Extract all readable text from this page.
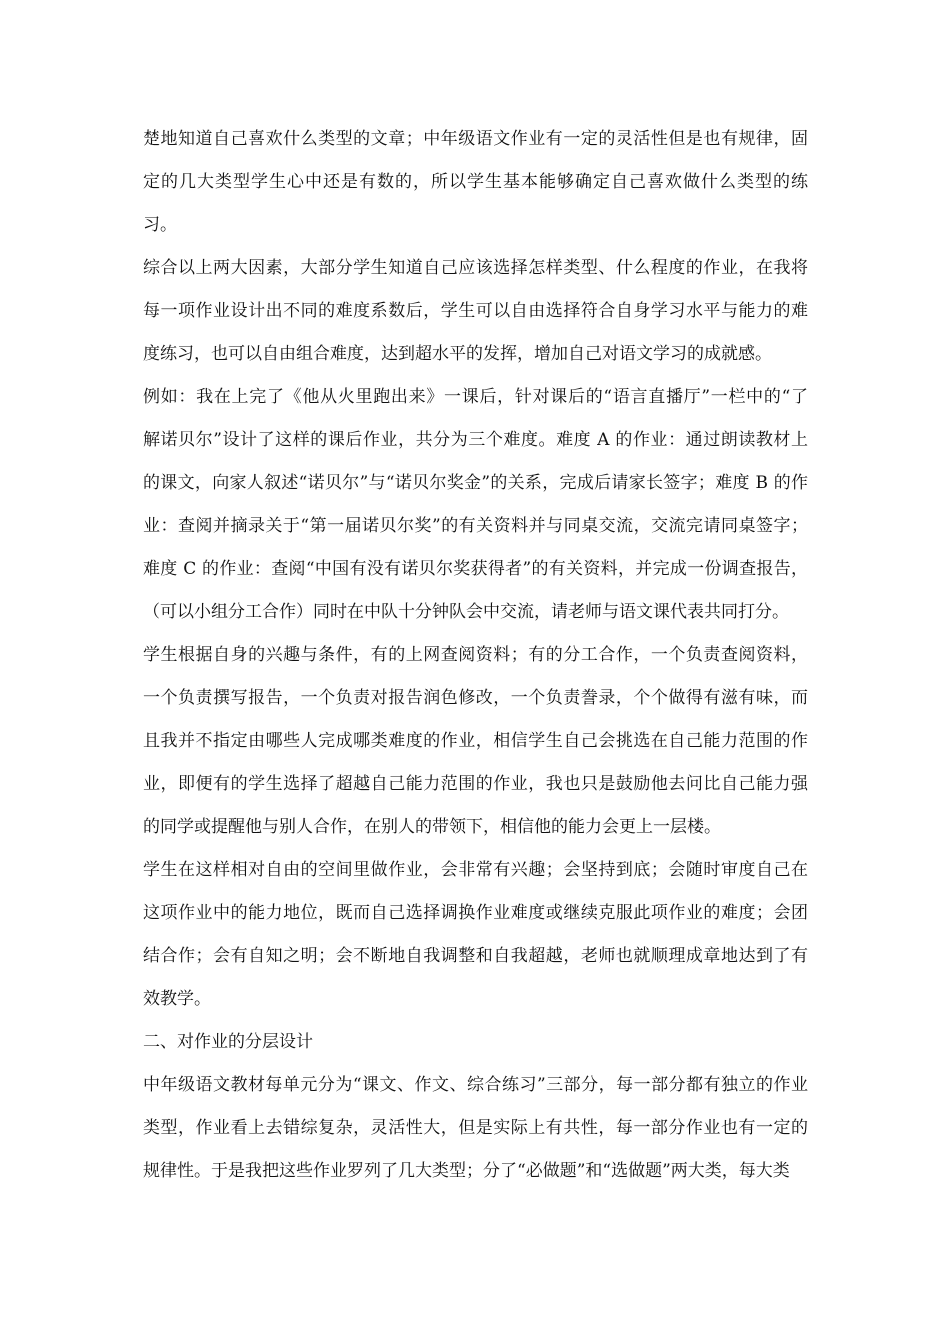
楚地知道自己喜欢什么类型的文章；中年级语文作业有一定的灵活性但是也有规律，固
定的几大类型学生心中还是有数的，所以学生基本能够确定自己喜欢做什么类型的练
习。
综合以上两大因素，大部分学生知道自己应该选择怎样类型、什么程度的作业，在我将
每一项作业设计出不同的难度系数后，学生可以自由选择符合自身学习水平与能力的难
度练习，也可以自由组合难度，达到超水平的发挥，增加自己对语文学习的成就感。
例如：我在上完了《他从火里跑出来》一课后，针对课后的“语言直播厅”一栏中的“了
解诺贝尔”设计了这样的课后作业，共分为三个难度。难度 A 的作业：通过朗读教材上
的课文，向家人叙述“诺贝尔”与“诺贝尔奖金”的关系，完成后请家长签字；难度 B 的作
业：查阅并摘录关于“第一届诺贝尔奖”的有关资料并与同桌交流，交流完请同桌签字；
难度 C 的作业：查阅“中国有没有诺贝尔奖获得者”的有关资料，并完成一份调查报告，
（可以小组分工合作）同时在中队十分钟队会中交流，请老师与语文课代表共同打分。
学生根据自身的兴趣与条件，有的上网查阅资料；有的分工合作，一个负责查阅资料，
一个负责撰写报告，一个负责对报告润色修改，一个负责誊录，个个做得有滋有味，而
且我并不指定由哪些人完成哪类难度的作业，相信学生自己会挑选在自己能力范围的作
业，即便有的学生选择了超越自己能力范围的作业，我也只是鼓励他去问比自己能力强
的同学或提醒他与别人合作，在别人的带领下，相信他的能力会更上一层楼。
学生在这样相对自由的空间里做作业，会非常有兴趣；会坚持到底；会随时审度自己在
这项作业中的能力地位，既而自己选择调换作业难度或继续克服此项作业的难度；会团
结合作；会有自知之明；会不断地自我调整和自我超越，老师也就顺理成章地达到了有
效教学。
二、对作业的分层设计
中年级语文教材每单元分为“课文、作文、综合练习”三部分，每一部分都有独立的作业
类型，作业看上去错综复杂，灵活性大，但是实际上有共性，每一部分作业也有一定的
规律性。于是我把这些作业罗列了几大类型；分了“必做题”和“选做题”两大类，每大类
